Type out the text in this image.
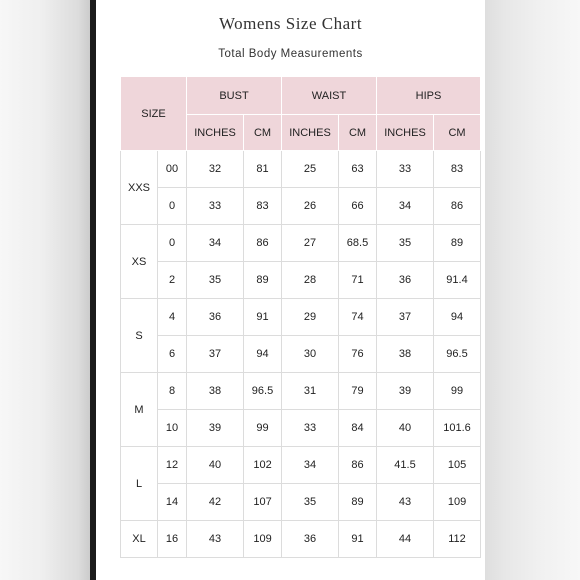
Womens Size Chart
Total Body Measurements
SIZE		BUST		WAIST		HIPS	
		INCHES	CM	INCHES	CM	INCHES	CM
XXS	00	32	81	25	63	33	83
	0	33	83	26	66	34	86
XS	0	34	86	27	68.5	35	89
	2	35	89	28	71	36	91.4
S	4	36	91	29	74	37	94
	6	37	94	30	76	38	96.5
M	8	38	96.5	31	79	39	99
	10	39	99	33	84	40	101.6
L	12	40	102	34	86	41.5	105
	14	42	107	35	89	43	109
XL	16	43	109	36	91	44	112
